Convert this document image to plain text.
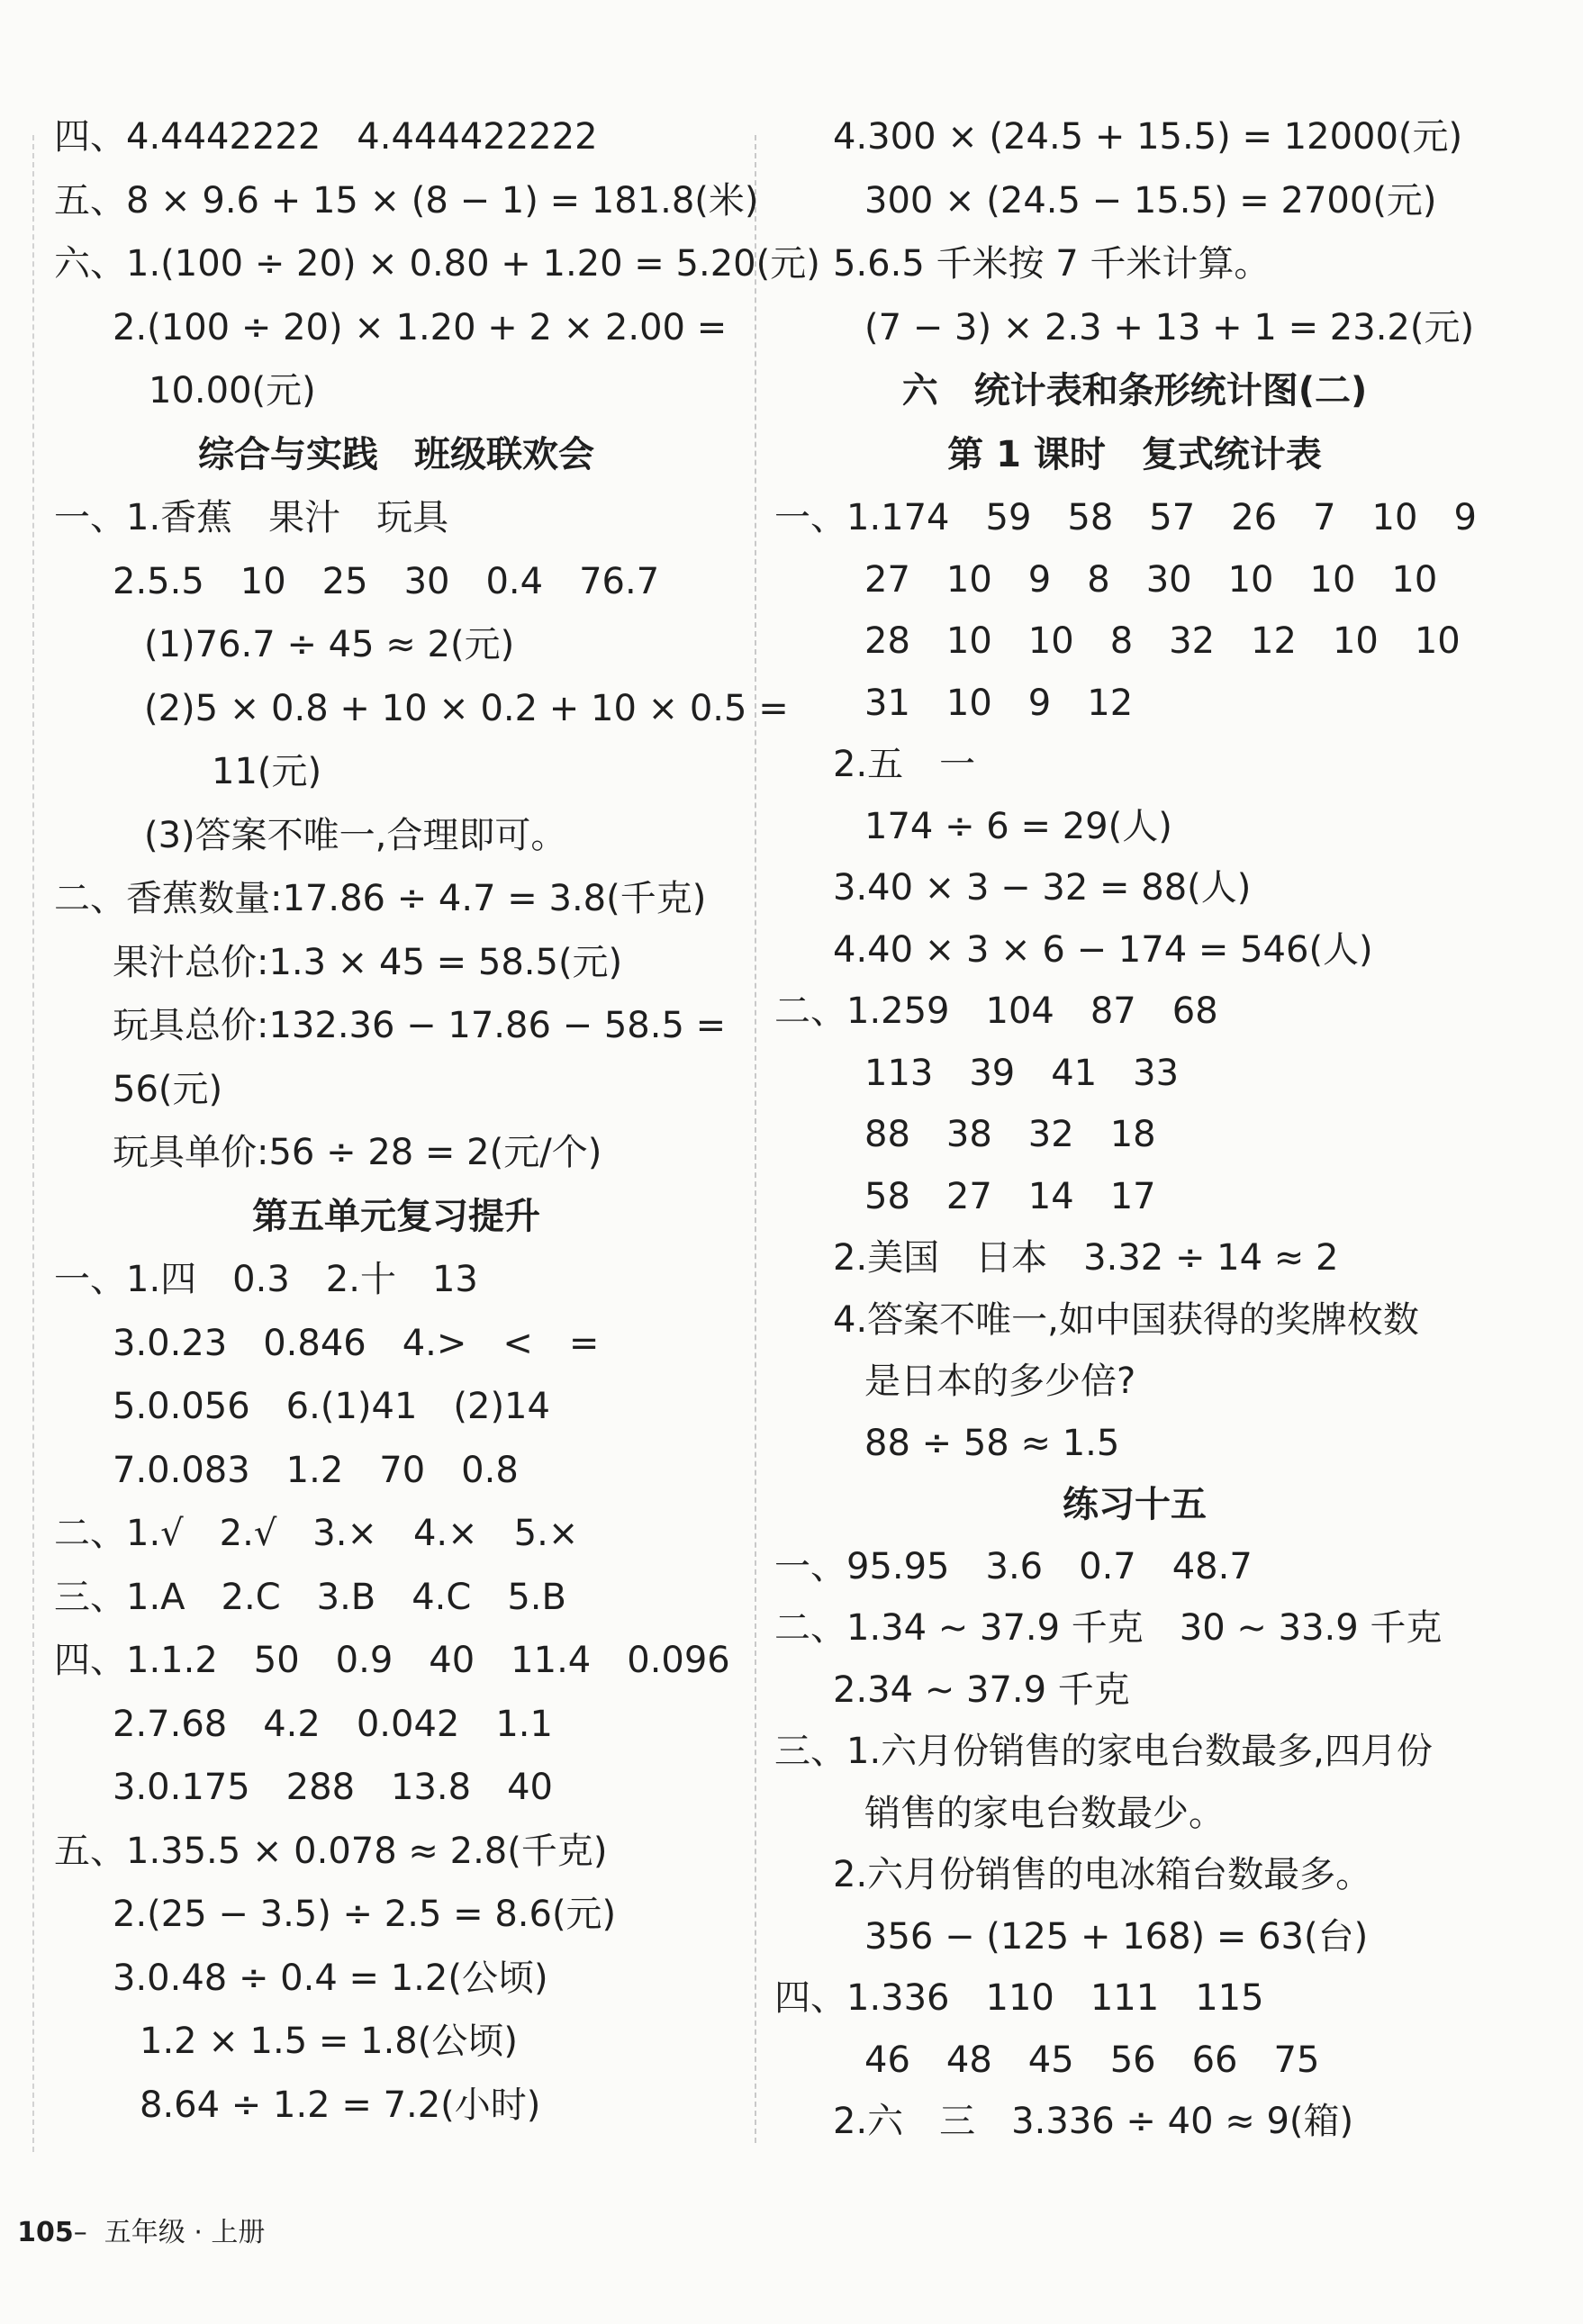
四、4.4442222　4.444422222
五、8 × 9.6 + 15 × (8 − 1) = 181.8(米)
六、1.(100 ÷ 20) × 0.80 + 1.20 = 5.20(元)
2.(100 ÷ 20) × 1.20 + 2 × 2.00 =
10.00(元)
综合与实践　班级联欢会
一、1.香蕉　果汁　玩具
2.5.5　10　25　30　0.4　76.7
(1)76.7 ÷ 45 ≈ 2(元)
(2)5 × 0.8 + 10 × 0.2 + 10 × 0.5 =
11(元)
(3)答案不唯一,合理即可。
二、香蕉数量:17.86 ÷ 4.7 = 3.8(千克)
果汁总价:1.3 × 45 = 58.5(元)
玩具总价:132.36 − 17.86 − 58.5 =
56(元)
玩具单价:56 ÷ 28 = 2(元/个)
第五单元复习提升
一、1.四　0.3　2.十　13
3.0.23　0.846　4.>　<　=
5.0.056　6.(1)41　(2)14
7.0.083　1.2　70　0.8
二、1.√　2.√　3.×　4.×　5.×
三、1.A　2.C　3.B　4.C　5.B
四、1.1.2　50　0.9　40　11.4　0.096
2.7.68　4.2　0.042　1.1
3.0.175　288　13.8　40
五、1.35.5 × 0.078 ≈ 2.8(千克)
2.(25 − 3.5) ÷ 2.5 = 8.6(元)
3.0.48 ÷ 0.4 = 1.2(公顷)
1.2 × 1.5 = 1.8(公顷)
8.64 ÷ 1.2 = 7.2(小时)
4.300 × (24.5 + 15.5) = 12000(元)
300 × (24.5 − 15.5) = 2700(元)
5.6.5 千米按 7 千米计算。
(7 − 3) × 2.3 + 13 + 1 = 23.2(元)
六　统计表和条形统计图(二)
第 1 课时　复式统计表
一、1.174　59　58　57　26　7　10　9
27　10　9　8　30　10　10　10
28　10　10　8　32　12　10　10
31　10　9　12
2.五　一
174 ÷ 6 = 29(人)
3.40 × 3 − 32 = 88(人)
4.40 × 3 × 6 − 174 = 546(人)
二、1.259　104　87　68
113　39　41　33
88　38　32　18
58　27　14　17
2.美国　日本　3.32 ÷ 14 ≈ 2
4.答案不唯一,如中国获得的奖牌枚数
是日本的多少倍?
88 ÷ 58 ≈ 1.5
练习十五
一、95.95　3.6　0.7　48.7
二、1.34 ~ 37.9 千克　30 ~ 33.9 千克
2.34 ~ 37.9 千克
三、1.六月份销售的家电台数最多,四月份
销售的家电台数最少。
2.六月份销售的电冰箱台数最多。
356 − (125 + 168) = 63(台)
四、1.336　110　111　115
46　48　45　56　66　75
2.六　三　3.336 ÷ 40 ≈ 9(箱)

105– 五年级 · 上册
